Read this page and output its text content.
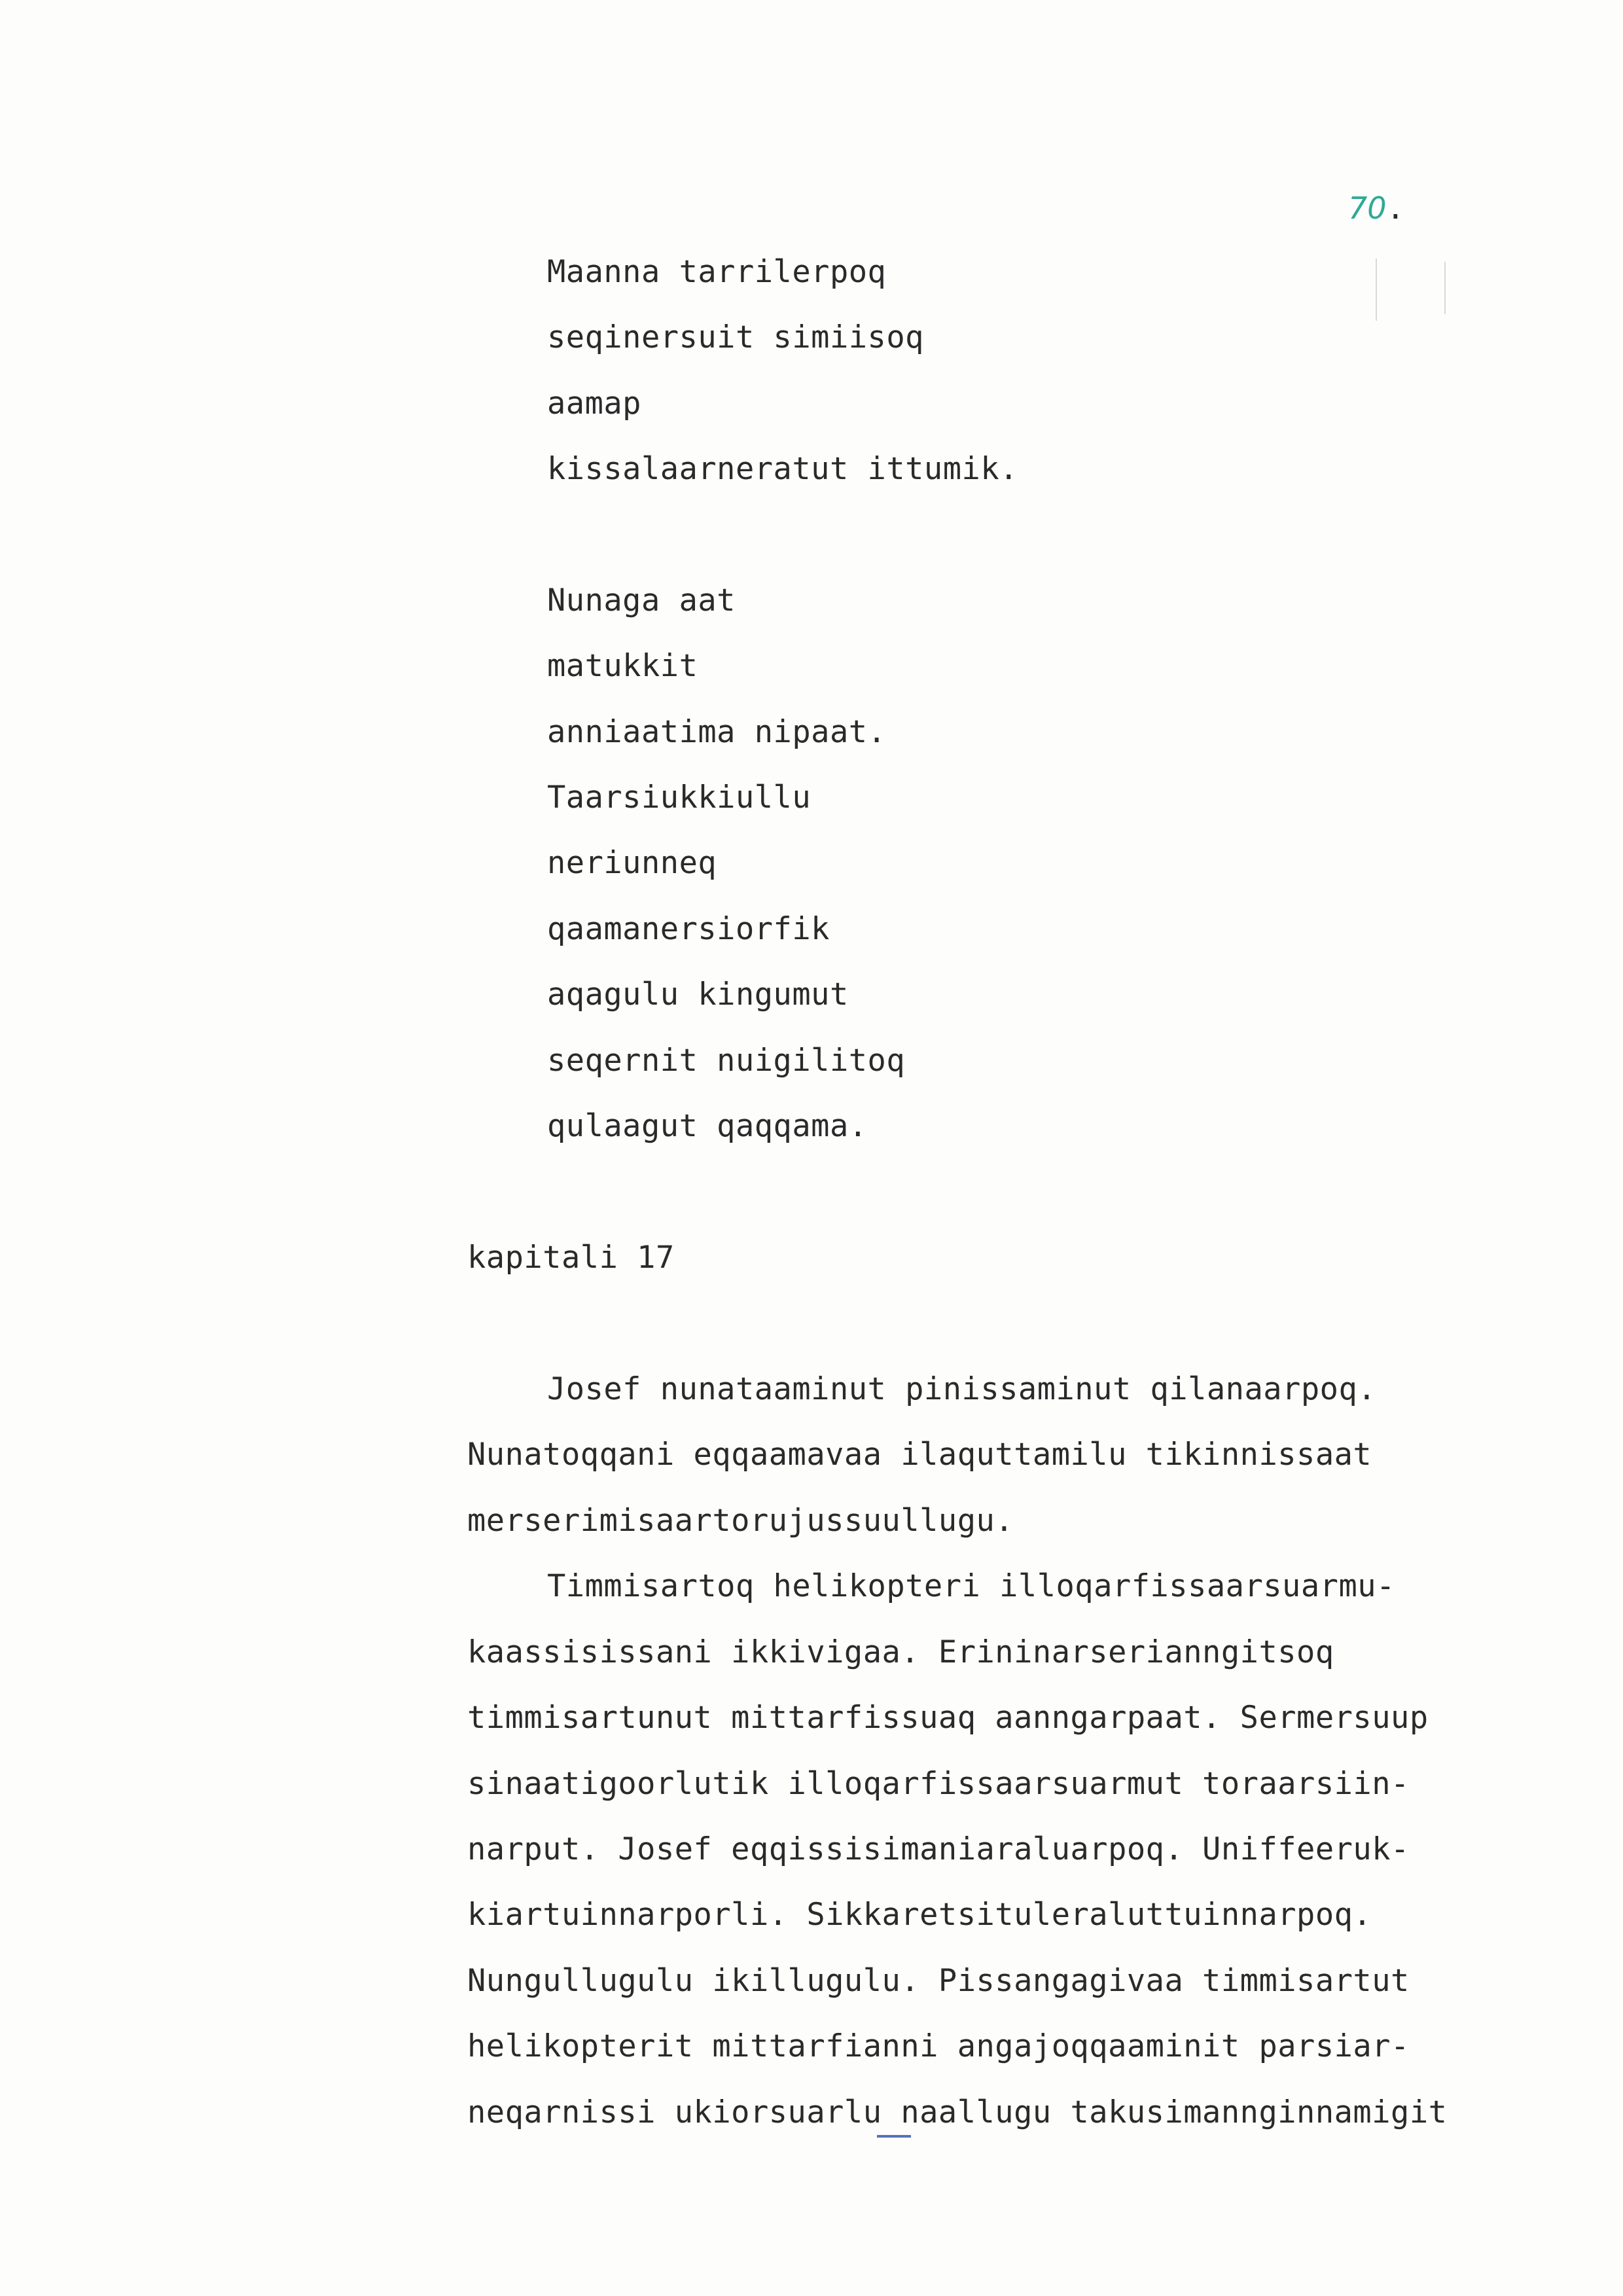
70.
Maanna tarrilerpoq
seqinersuit simiisoq
aamap
kissalaarneratut ittumik.
Nunaga aat
matukkit
anniaatima nipaat.
Taarsiukkiullu
neriunneq
qaamanersiorfik
aqagulu kingumut
seqernit nuigilitoq
qulaagut qaqqama.
kapitali 17
Josef nunataaminut pinissaminut qilanaarpoq.
Nunatoqqani eqqaamavaa ilaquttamilu tikinnissaat
merserimisaartorujussuullugu.
Timmisartoq helikopteri illoqarfissaarsuarmu-
kaassisissani ikkivigaa. Erininarserianngitsoq
timmisartunut mittarfissuaq aanngarpaat. Sermersuup
sinaatigoorlutik illoqarfissaarsuarmut toraarsiin-
narput. Josef eqqissisimaniaraluarpoq. Uniffeeruk-
kiartuinnarporli. Sikkaretsituleraluttuinnarpoq.
Nungullugulu ikillugulu. Pissangagivaa timmisartut
helikopterit mittarfianni angajoqqaaminit parsiar-
neqarnissi ukiorsuarlu naallugu takusimannginnamigit
